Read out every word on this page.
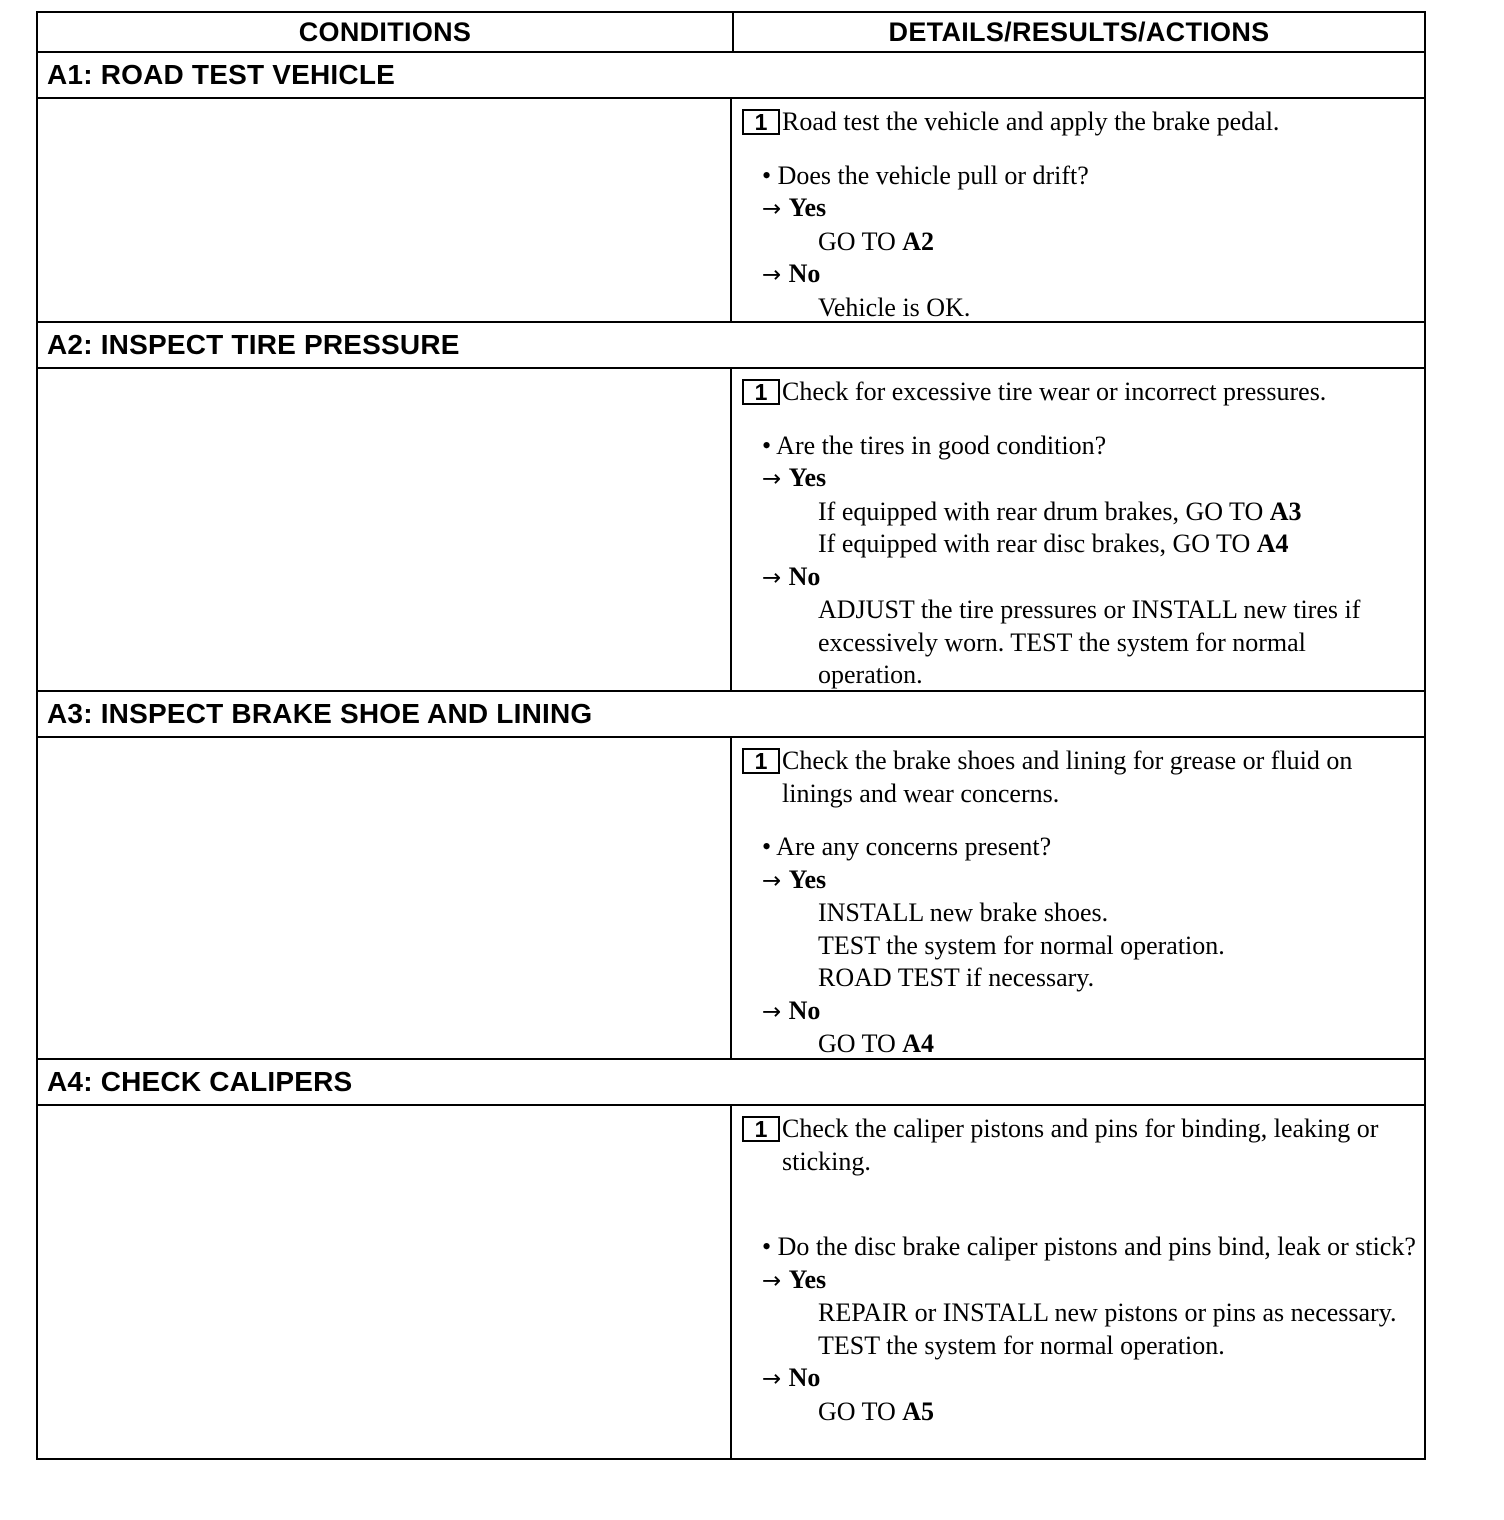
CONDITIONS	DETAILS/RESULTS/ACTIONS
A1: ROAD TEST VEHICLE
1 Road test the vehicle and apply the brake pedal.
• Does the vehicle pull or drift?
→ Yes
GO TO A2
→ No
Vehicle is OK.
A2: INSPECT TIRE PRESSURE
1 Check for excessive tire wear or incorrect pressures.
• Are the tires in good condition?
→ Yes
If equipped with rear drum brakes, GO TO A3
If equipped with rear disc brakes, GO TO A4
→ No
ADJUST the tire pressures or INSTALL new tires if excessively worn. TEST the system for normal operation.
A3: INSPECT BRAKE SHOE AND LINING
1 Check the brake shoes and lining for grease or fluid on linings and wear concerns.
• Are any concerns present?
→ Yes
INSTALL new brake shoes.
TEST the system for normal operation.
ROAD TEST if necessary.
→ No
GO TO A4
A4: CHECK CALIPERS
1 Check the caliper pistons and pins for binding, leaking or sticking.
• Do the disc brake caliper pistons and pins bind, leak or stick?
→ Yes
REPAIR or INSTALL new pistons or pins as necessary. TEST the system for normal operation.
→ No
GO TO A5
